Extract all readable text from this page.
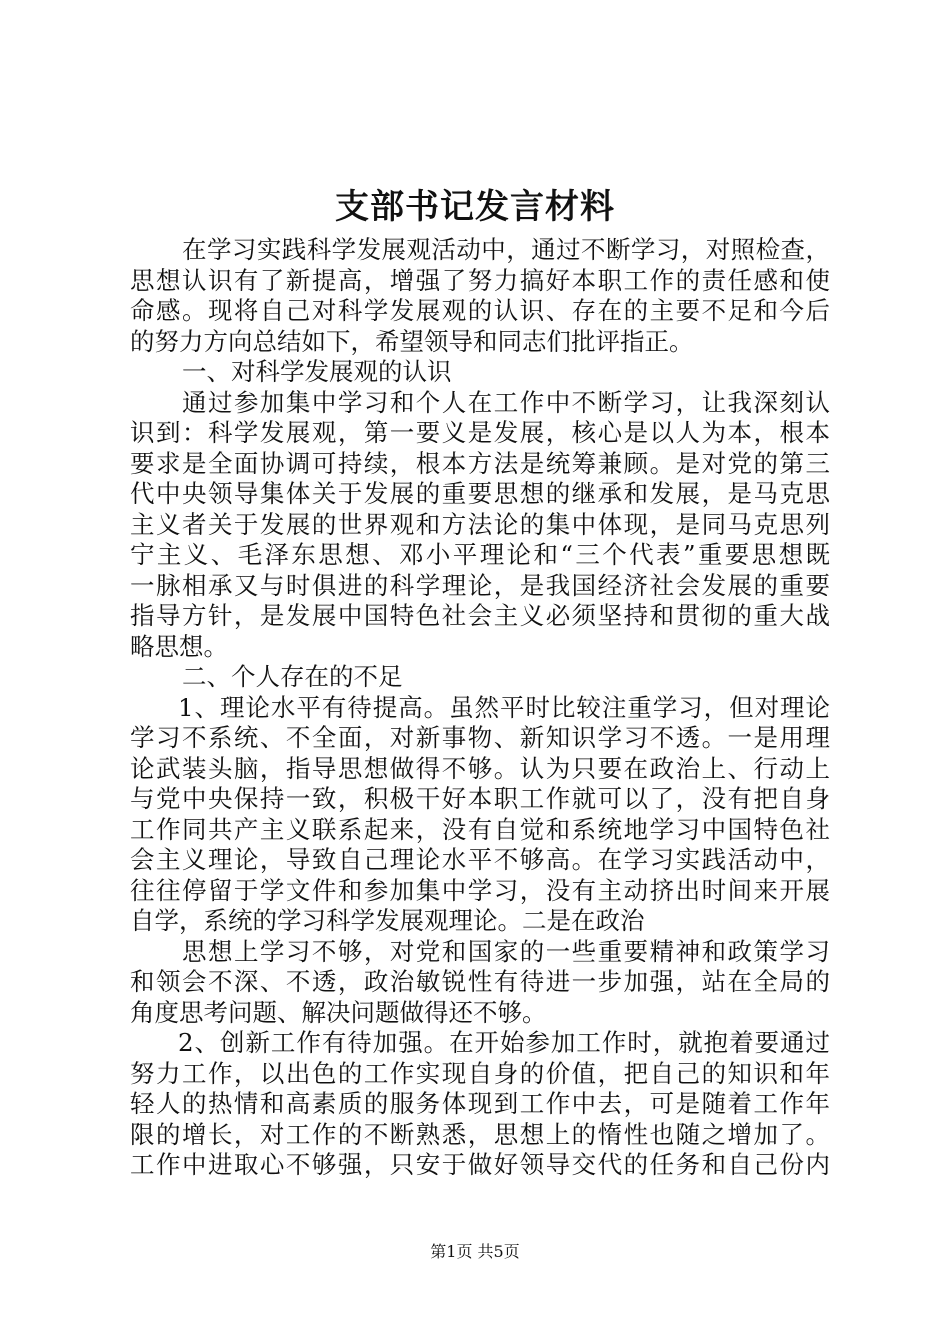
支部书记发言材料
在学习实践科学发展观活动中，通过不断学习，对照检查，
思想认识有了新提高，增强了努力搞好本职工作的责任感和使
命感。现将自己对科学发展观的认识、存在的主要不足和今后
的努力方向总结如下，希望领导和同志们批评指正。
一、对科学发展观的认识
通过参加集中学习和个人在工作中不断学习，让我深刻认
识到：科学发展观，第一要义是发展，核心是以人为本，根本
要求是全面协调可持续，根本方法是统筹兼顾。是对党的第三
代中央领导集体关于发展的重要思想的继承和发展，是马克思
主义者关于发展的世界观和方法论的集中体现，是同马克思列
宁主义、毛泽东思想、邓小平理论和“三个代表”重要思想既
一脉相承又与时俱进的科学理论，是我国经济社会发展的重要
指导方针，是发展中国特色社会主义必须坚持和贯彻的重大战
略思想。
二、个人存在的不足
1、理论水平有待提高。虽然平时比较注重学习，但对理论
学习不系统、不全面，对新事物、新知识学习不透。一是用理
论武装头脑，指导思想做得不够。认为只要在政治上、行动上
与党中央保持一致，积极干好本职工作就可以了，没有把自身
工作同共产主义联系起来，没有自觉和系统地学习中国特色社
会主义理论，导致自己理论水平不够高。在学习实践活动中，
往往停留于学文件和参加集中学习，没有主动挤出时间来开展
自学，系统的学习科学发展观理论。二是在政治
思想上学习不够，对党和国家的一些重要精神和政策学习
和领会不深、不透，政治敏锐性有待进一步加强，站在全局的
角度思考问题、解决问题做得还不够。
2、创新工作有待加强。在开始参加工作时，就抱着要通过
努力工作，以出色的工作实现自身的价值，把自己的知识和年
轻人的热情和高素质的服务体现到工作中去，可是随着工作年
限的增长，对工作的不断熟悉，思想上的惰性也随之增加了。
工作中进取心不够强，只安于做好领导交代的任务和自己份内
第1页 共5页
